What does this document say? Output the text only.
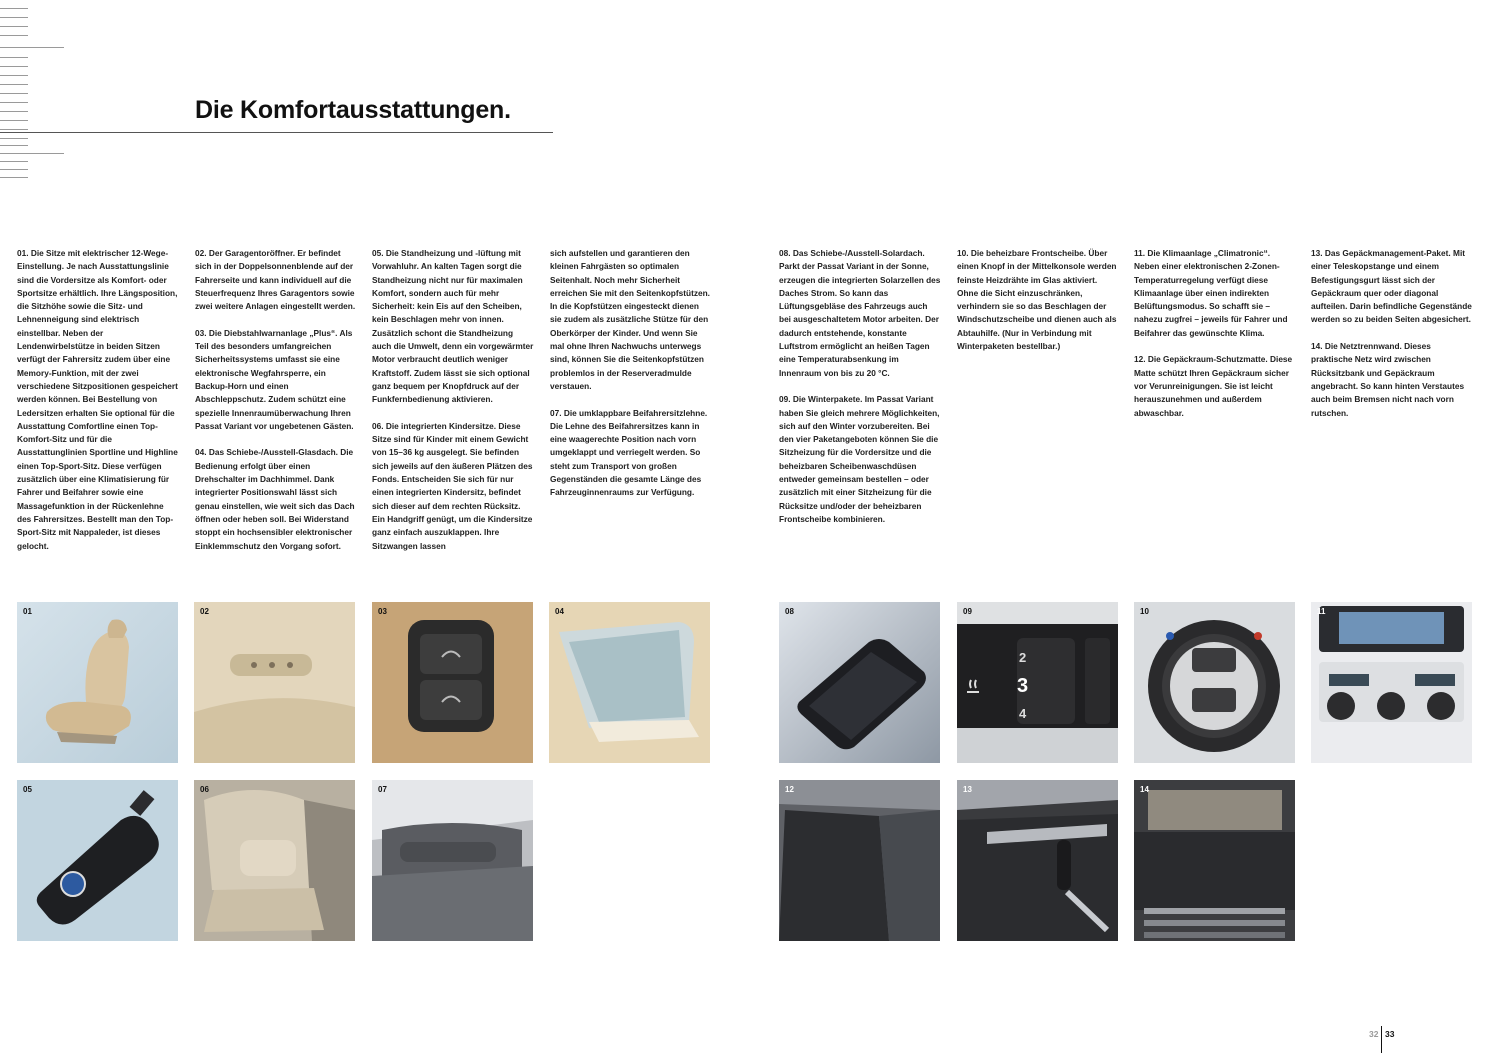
Die Komfortausstattungen.

01. Die Sitze mit elektrischer 12-Wege-Einstellung. Je nach Ausstattungslinie sind die Vordersitze als Komfort- oder Sportsitze erhältlich. Ihre Längsposition, die Sitzhöhe sowie die Sitz- und Lehnenneigung sind elektrisch einstellbar. Neben der Lendenwirbelstütze in beiden Sitzen verfügt der Fahrersitz zudem über eine Memory-Funktion, mit der zwei verschiedene Sitzpositionen gespeichert werden können. Bei Bestellung von Ledersitzen erhalten Sie optional für die Ausstattung Comfortline einen Top-Komfort-Sitz und für die Ausstattunglinien Sportline und Highline einen Top-Sport-Sitz. Diese verfügen zusätzlich über eine Klimatisierung für Fahrer und Beifahrer sowie eine Massagefunktion in der Rückenlehne des Fahrersitzes. Bestellt man den Top-Sport-Sitz mit Nappaleder, ist dieses gelocht.

02. Der Garagentoröffner. Er befindet sich in der Doppelsonnenblende auf der Fahrerseite und kann individuell auf die Steuerfrequenz Ihres Garagentors sowie zwei weitere Anlagen eingestellt werden.

03. Die Diebstahlwarnanlage „Plus“. Als Teil des besonders umfangreichen Sicherheitssystems umfasst sie eine elektronische Wegfahrsperre, ein Backup-Horn und einen Abschleppschutz. Zudem schützt eine spezielle Innenraumüberwachung Ihren Passat Variant vor ungebetenen Gästen.

04. Das Schiebe-/Ausstell-Glasdach. Die Bedienung erfolgt über einen Drehschalter im Dachhimmel. Dank integrierter Positionswahl lässt sich genau einstellen, wie weit sich das Dach öffnen oder heben soll. Bei Widerstand stoppt ein hochsensibler elektronischer Einklemmschutz den Vorgang sofort.

05. Die Standheizung und -lüftung mit Vorwahluhr. An kalten Tagen sorgt die Standheizung nicht nur für maximalen Komfort, sondern auch für mehr Sicherheit: kein Eis auf den Scheiben, kein Beschlagen mehr von innen. Zusätzlich schont die Standheizung auch die Umwelt, denn ein vorgewärmter Motor verbraucht deutlich weniger Kraftstoff. Zudem lässt sie sich optional ganz bequem per Knopfdruck auf der Funkfernbedienung aktivieren.

06. Die integrierten Kindersitze. Diese Sitze sind für Kinder mit einem Gewicht von 15–36 kg ausgelegt. Sie befinden sich jeweils auf den äußeren Plätzen des Fonds. Entscheiden Sie sich für nur einen integrierten Kindersitz, befindet sich dieser auf dem rechten Rücksitz. Ein Handgriff genügt, um die Kindersitze ganz einfach auszuklappen. Ihre Sitzwangen lassen

sich aufstellen und garantieren den kleinen Fahrgästen so optimalen Seitenhalt. Noch mehr Sicherheit erreichen Sie mit den Seitenkopfstützen. In die Kopfstützen eingesteckt dienen sie zudem als zusätzliche Stütze für den Oberkörper der Kinder. Und wenn Sie mal ohne Ihren Nachwuchs unterwegs sind, können Sie die Seitenkopfstützen problemlos in der Reserveradmulde verstauen.

07. Die umklappbare Beifahrersitzlehne. Die Lehne des Beifahrersitzes kann in eine waagerechte Position nach vorn umgeklappt und verriegelt werden. So steht zum Transport von großen Gegenständen die gesamte Länge des Fahrzeuginnenraums zur Verfügung.

08. Das Schiebe-/Ausstell-Solardach. Parkt der Passat Variant in der Sonne, erzeugen die integrierten Solarzellen des Daches Strom. So kann das Lüftungsgebläse des Fahrzeugs auch bei ausgeschaltetem Motor arbeiten. Der dadurch entstehende, konstante Luftstrom ermöglicht an heißen Tagen eine Temperaturabsenkung im Innenraum von bis zu 20 °C.

09. Die Winterpakete. Im Passat Variant haben Sie gleich mehrere Möglichkeiten, sich auf den Winter vorzubereiten. Bei den vier Paketangeboten können Sie die Sitzheizung für die Vordersitze und die beheizbaren Scheibenwaschdüsen entweder gemeinsam bestellen – oder zusätzlich mit einer Sitzheizung für die Rücksitze und/oder der beheizbaren Frontscheibe kombinieren.

10. Die beheizbare Frontscheibe. Über einen Knopf in der Mittelkonsole werden feinste Heizdrähte im Glas aktiviert. Ohne die Sicht einzuschränken, verhindern sie so das Beschlagen der Windschutzscheibe und dienen auch als Abtauhilfe. (Nur in Verbindung mit Winterpaketen bestellbar.)

11. Die Klimaanlage „Climatronic“. Neben einer elektronischen 2-Zonen-Temperaturregelung verfügt diese Klimaanlage über einen indirekten Belüftungsmodus. So schafft sie – nahezu zugfrei – jeweils für Fahrer und Beifahrer das gewünschte Klima.

12. Die Gepäckraum-Schutzmatte. Diese Matte schützt Ihren Gepäckraum sicher vor Verunreinigungen. Sie ist leicht herauszunehmen und außerdem abwaschbar.

13. Das Gepäckmanagement-Paket. Mit einer Teleskopstange und einem Befestigungsgurt lässt sich der Gepäckraum quer oder diagonal aufteilen. Darin befindliche Gegenstände werden so zu beiden Seiten abgesichert.

14. Die Netztrennwand. Dieses praktische Netz wird zwischen Rücksitzbank und Gepäckraum angebracht. So kann hinten Verstautes auch beim Bremsen nicht nach vorn rutschen.

01	02	03	04	08
2
3
4
09	10	11
05	06	07	12	13	14
32 33
